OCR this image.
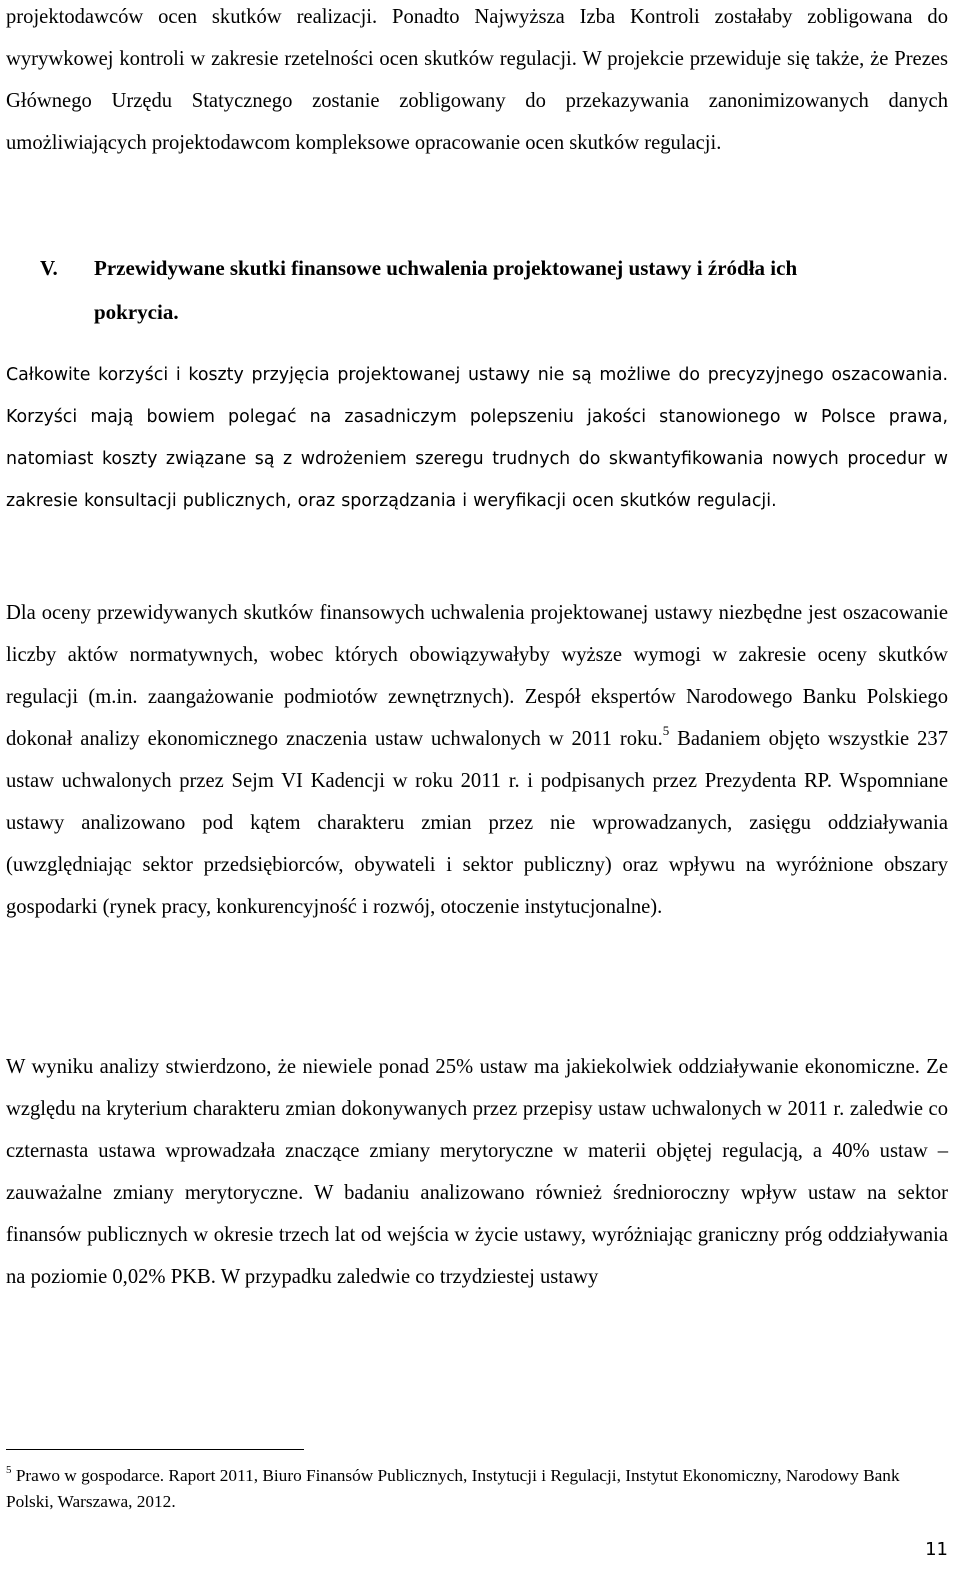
projektodawców ocen skutków realizacji. Ponadto Najwyższa Izba Kontroli zostałaby zobligowana do wyrywkowej kontroli w zakresie rzetelności ocen skutków regulacji. W projekcie przewiduje się także, że Prezes Głównego Urzędu Statycznego zostanie zobligowany do przekazywania zanonimizowanych danych umożliwiających projektodawcom kompleksowe opracowanie ocen skutków regulacji.

V.	Przewidywane skutki finansowe uchwalenia projektowanej ustawy i źródła ich
pokrycia.

Całkowite korzyści i koszty przyjęcia projektowanej ustawy nie są możliwe do precyzyjnego oszacowania. Korzyści mają bowiem polegać na zasadniczym polepszeniu jakości stanowionego w Polsce prawa, natomiast koszty związane są z wdrożeniem szeregu trudnych do skwantyfikowania nowych procedur w zakresie konsultacji publicznych, oraz sporządzania i weryfikacji ocen skutków regulacji.

Dla oceny przewidywanych skutków finansowych uchwalenia projektowanej ustawy niezbędne jest oszacowanie liczby aktów normatywnych, wobec których obowiązywałyby wyższe wymogi w zakresie oceny skutków regulacji (m.in. zaangażowanie podmiotów zewnętrznych). Zespół ekspertów Narodowego Banku Polskiego dokonał analizy ekonomicznego znaczenia ustaw uchwalonych w 2011 roku.$^5$ Badaniem objęto wszystkie 237 ustaw uchwalonych przez Sejm VI Kadencji w roku 2011 r. i podpisanych przez Prezydenta RP. Wspomniane ustawy analizowano pod kątem charakteru zmian przez nie wprowadzanych, zasięgu oddziaływania (uwzględniając sektor przedsiębiorców, obywateli i sektor publiczny) oraz wpływu na wyróżnione obszary gospodarki (rynek pracy, konkurencyjność i rozwój, otoczenie instytucjonalne).

W wyniku analizy stwierdzono, że niewiele ponad 25% ustaw ma jakiekolwiek oddziaływanie ekonomiczne. Ze względu na kryterium charakteru zmian dokonywanych przez przepisy ustaw uchwalonych w 2011 r. zaledwie co czternasta ustawa wprowadzała znaczące zmiany merytoryczne w materii objętej regulacją, a 40% ustaw – zauważalne zmiany merytoryczne. W badaniu analizowano również średnioroczny wpływ ustaw na sektor finansów publicznych w okresie trzech lat od wejścia w życie ustawy, wyróżniając graniczny próg oddziaływania na poziomie 0,02% PKB. W przypadku zaledwie co trzydziestej ustawy

$^5$ Prawo w gospodarce. Raport 2011, Biuro Finansów Publicznych, Instytucji i Regulacji, Instytut Ekonomiczny, Narodowy Bank Polski, Warszawa, 2012.

11
